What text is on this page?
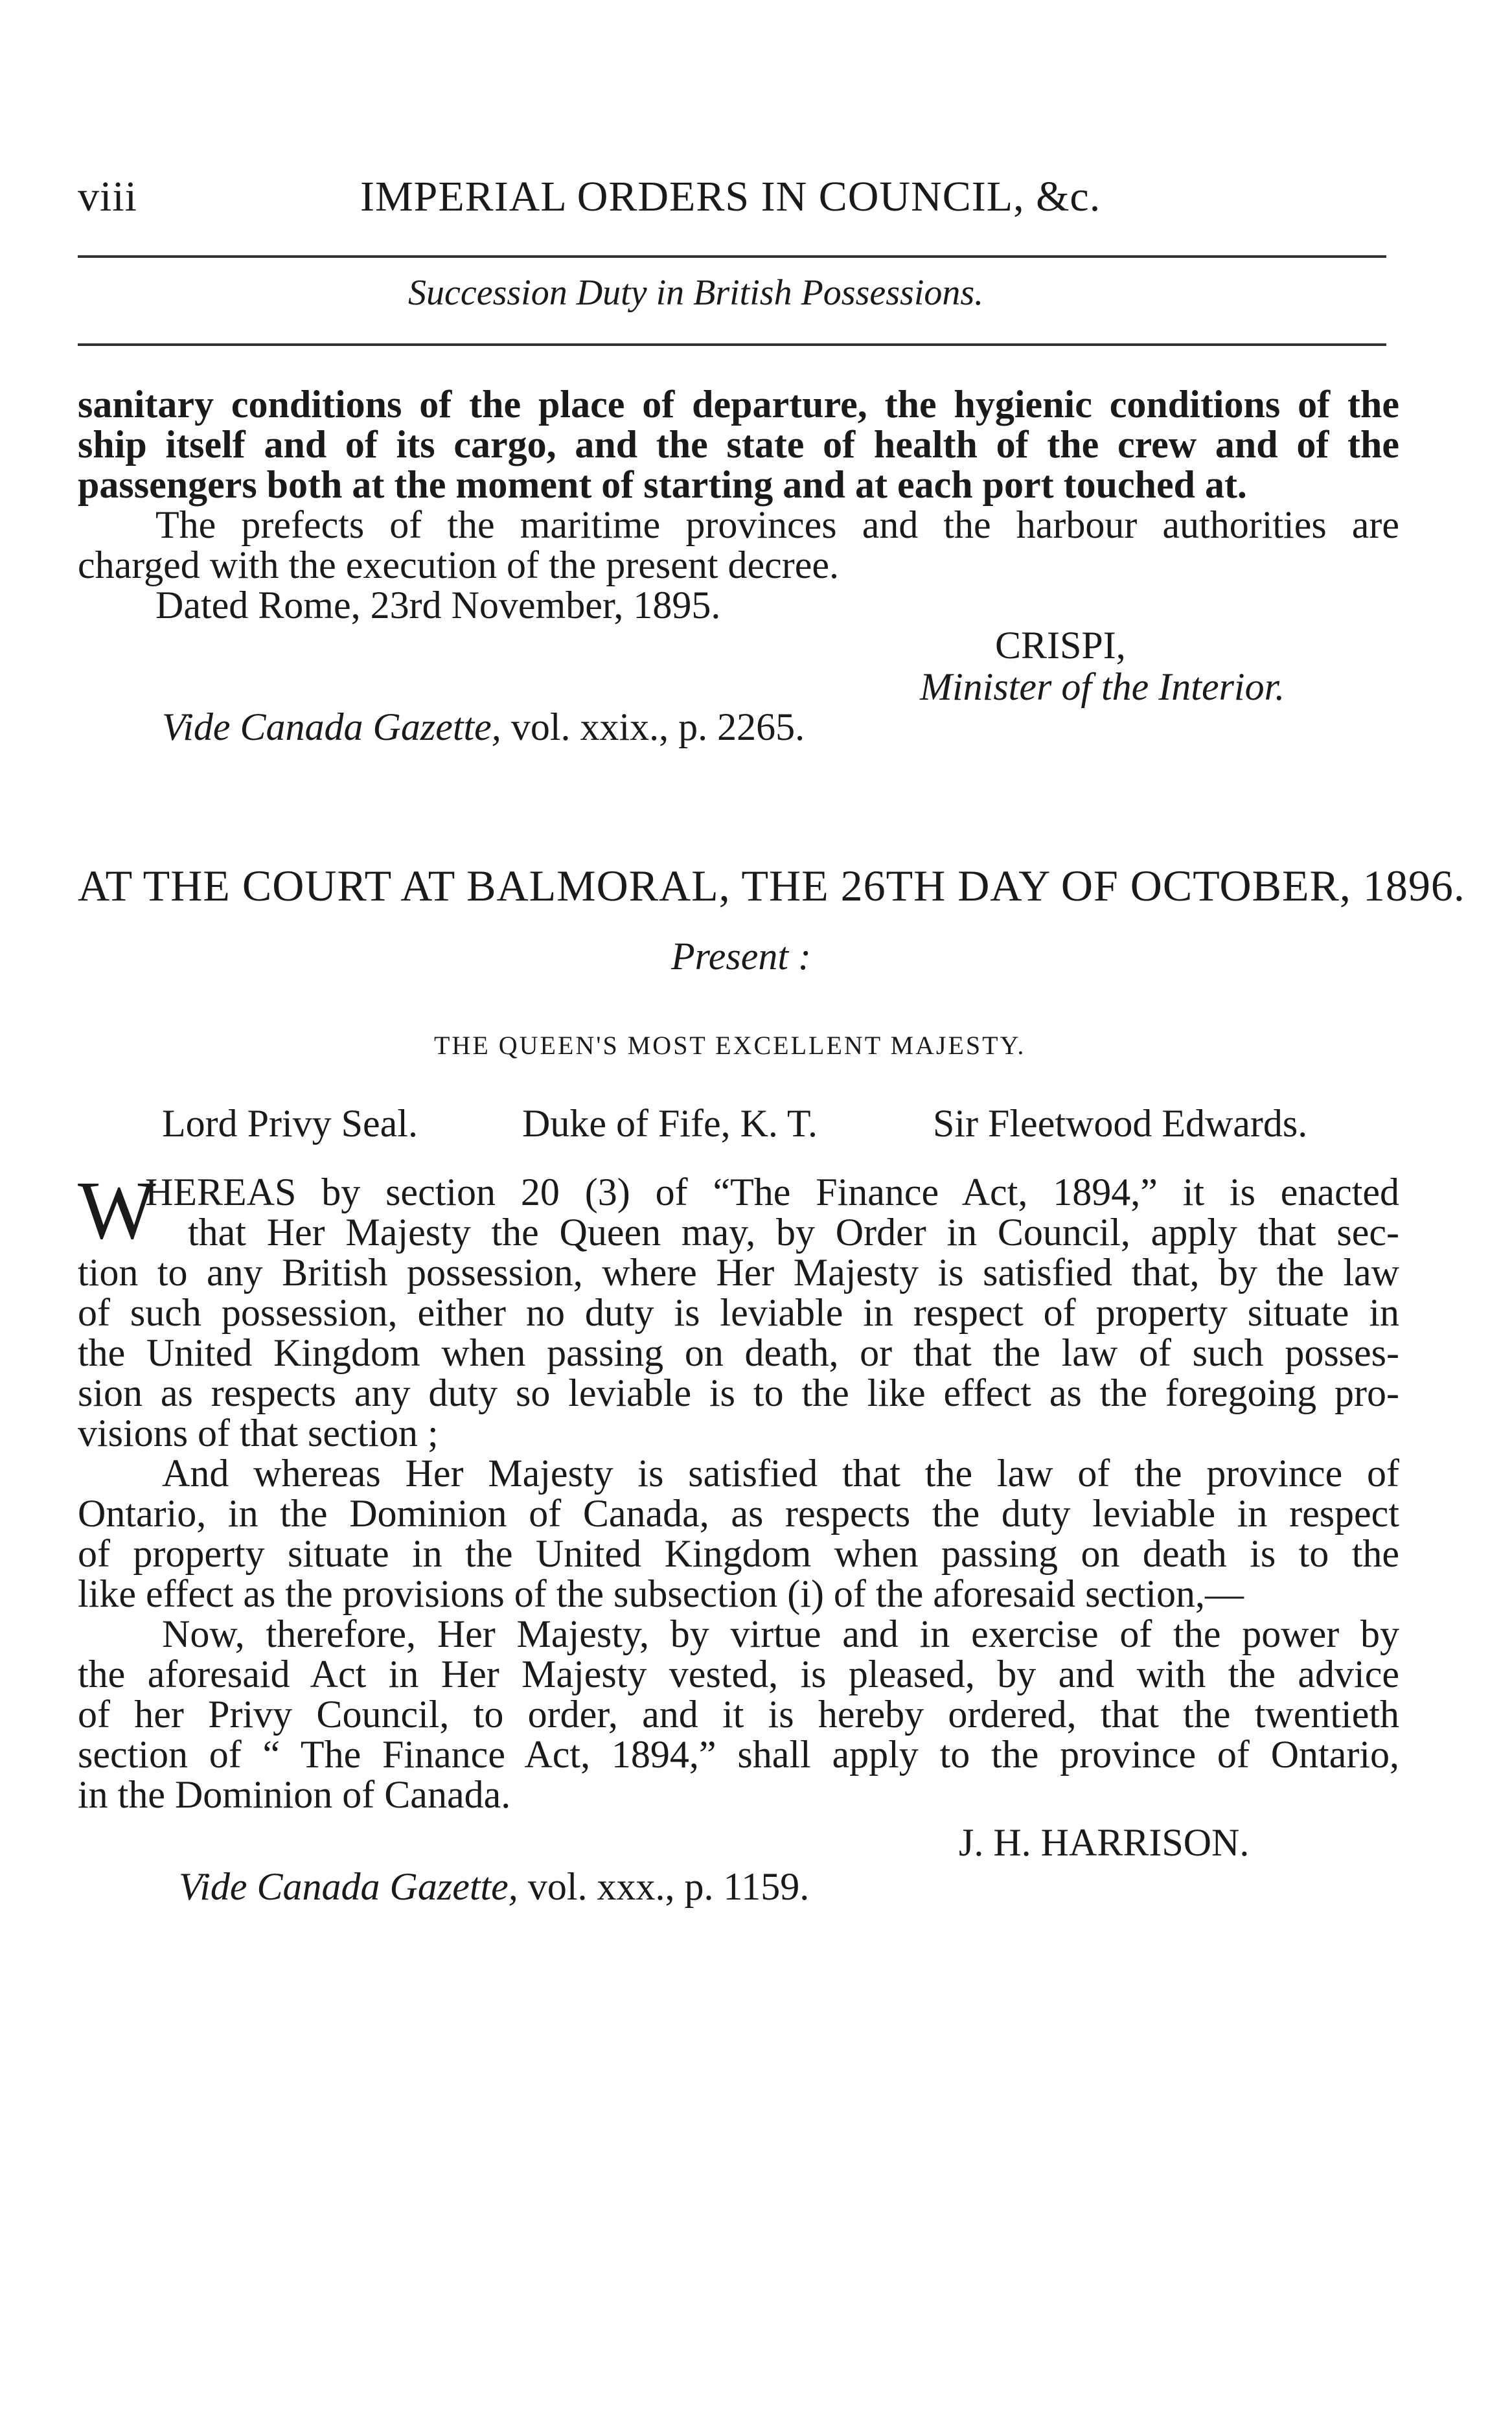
viii	IMPERIAL ORDERS IN COUNCIL, &c.
Succession Duty in British Possessions.
sanitary conditions of the place of departure, the hygienic conditions of the
ship itself and of its cargo, and the state of health of the crew and of the
passengers both at the moment of starting and at each port touched at.
The prefects of the maritime provinces and the harbour authorities are
charged with the execution of the present decree.
Dated Rome, 23rd November, 1895.
CRISPI,
Minister of the Interior.
Vide Canada Gazette, vol. xxix., p. 2265.
AT THE COURT AT BALMORAL, THE 26TH DAY OF OCTOBER, 1896.
Present :
THE QUEEN'S MOST EXCELLENT MAJESTY.
Lord Privy Seal.	Duke of Fife, K. T.	Sir Fleetwood Edwards.
W
HEREAS by section 20 (3) of “The Finance Act, 1894,” it is enacted
that Her Majesty the Queen may, by Order in Council, apply that sec-
tion to any British possession, where Her Majesty is satisfied that, by the law
of such possession, either no duty is leviable in respect of property situate in
the United Kingdom when passing on death, or that the law of such posses-
sion as respects any duty so leviable is to the like effect as the foregoing pro-
visions of that section ;
And whereas Her Majesty is satisfied that the law of the province of
Ontario, in the Dominion of Canada, as respects the duty leviable in respect
of property situate in the United Kingdom when passing on death is to the
like effect as the provisions of the subsection (i) of the aforesaid section,—
Now, therefore, Her Majesty, by virtue and in exercise of the power by
the aforesaid Act in Her Majesty vested, is pleased, by and with the advice
of her Privy Council, to order, and it is hereby ordered, that the twentieth
section of “ The Finance Act, 1894,” shall apply to the province of Ontario,
in the Dominion of Canada.
J. H. HARRISON.
Vide Canada Gazette, vol. xxx., p. 1159.
